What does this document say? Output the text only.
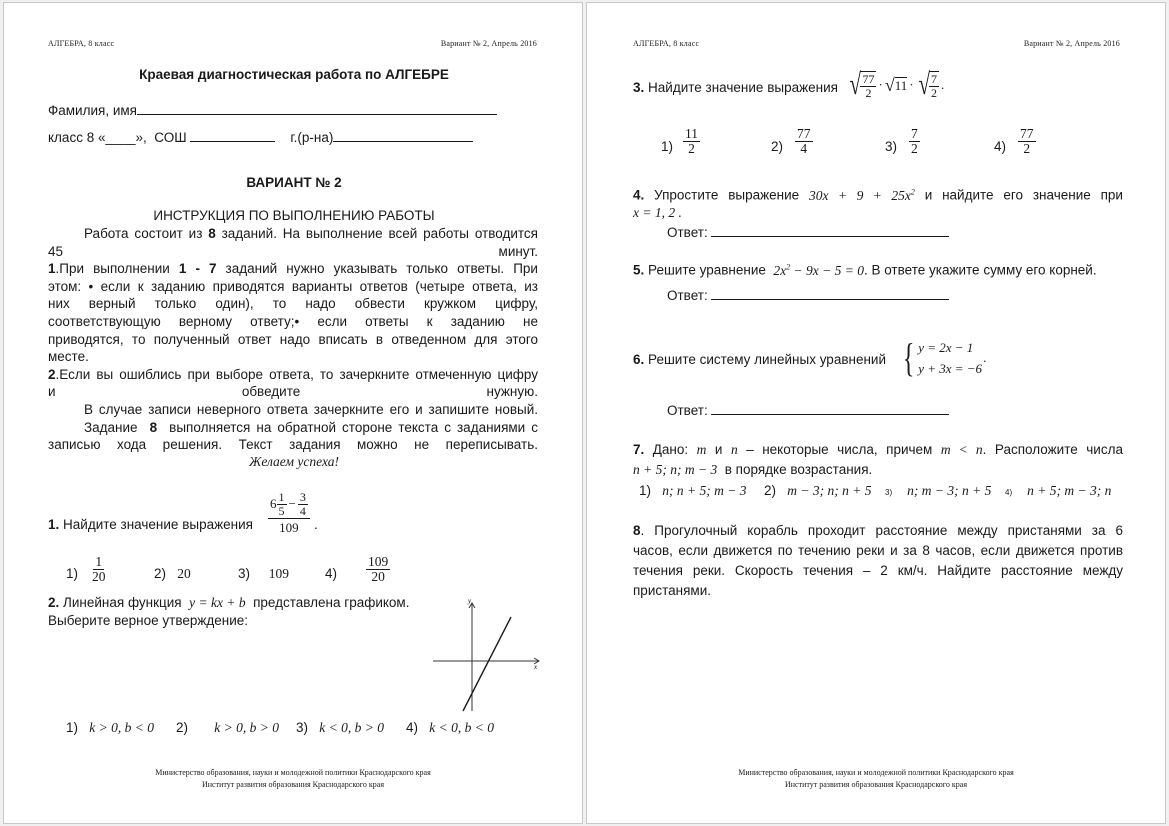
АЛГЕБРА, 8 класс	Вариант № 2, Апрель 2016
Краевая диагностическая работа по АЛГЕБРЕ
Фамилия, имя
класс 8 «____», СОШ	г.(р-на)
ВАРИАНТ № 2
ИНСТРУКЦИЯ ПО ВЫПОЛНЕНИЮ РАБОТЫ
Работа состоит из 8 заданий. На выполнение всей работы отводится
45 минут.
1.При выполнении 1 - 7 заданий нужно указывать только ответы. При
этом: • если к заданию приводятся варианты ответов (четыре ответа, из
них верный только один), то надо обвести кружком цифру,
соответствующую верному ответу;• если ответы к заданию не
приводятся, то полученный ответ надо вписать в отведенном для этого
месте.
2.Если вы ошиблись при выборе ответа, то зачеркните отмеченную цифру
и обведите нужную.
В случае записи неверного ответа зачеркните его и запишите новый.
Задание 8 выполняется на обратной стороне текста с заданиями с
записью хода решения. Текст задания можно не переписывать.
Желаем успеха!
1. Найдите значение выражения
$6 \frac{1}{5} - \frac{3}{4}$
109 .
$1) \frac{1}{20}$	2) 20	3) 109	$4) \frac{109}{20}$
2. Линейная функция y = kx + b представлена графиком.
Выберите верное утверждение:
y
x
1) k > 0, b < 0 2) k > 0, b > 0 3) k < 0, b > 0 4) k < 0, b < 0
Министерство образования, науки и молодежной политики Краснодарского края
Институт развития образования Краснодарского края
АЛГЕБРА, 8 класс	Вариант № 2, Апрель 2016
3. Найдите значение выражения √ $\frac{77}{2}$ · √ 11 · √ $\frac{7}{2}$ .
$1) \frac{11}{2}$	$2) \frac{77}{4}$	$3) \frac{7}{2}$	$4) \frac{77}{2}$
4. Упростите выражение $30x + 9 + 25x^2$ и найдите его значение при
x = 1, 2 .
Ответ:
5. Решите уравнение $2x^2 - 9x - 5 = 0$. В ответе укажите сумму его корней.
Ответ:
6. Решите систему линейных уравнений { y = 2x − 1
y + 3x = −6
.
Ответ:
7. Дано: m и n – некоторые числа, причем m < n. Расположите числа
n + 5; n; m − 3 в порядке возрастания.
1) n; n + 5; m − 3 2) m − 3; n; n + 5 3) n; m − 3; n + 5 4) n + 5; m − 3; n
8. Прогулочный корабль проходит расстояние между пристанями за 6
часов, если движется по течению реки и за 8 часов, если движется против
течения реки. Скорость течения – 2 км/ч. Найдите расстояние между
пристанями.
Министерство образования, науки и молодежной политики Краснодарского края
Институт развития образования Краснодарского края
